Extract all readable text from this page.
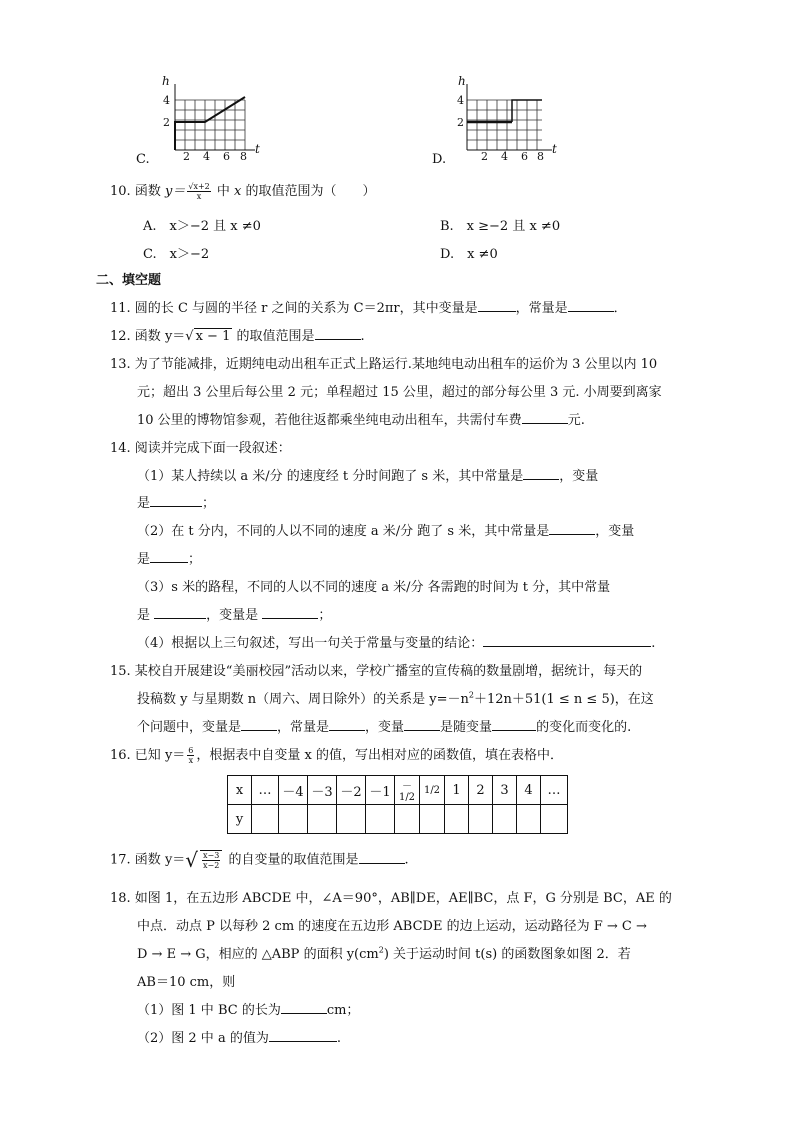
h
4
2
2 4 6 8
t
C.
h
4
2
2 4 6 8
t
D.
10. 函数 $y= \frac{√x+2}{x}$ 中 x 的取值范围为（　　）
A.　x＞−2 且 x ≠0	B.　x ≥−2 且 x ≠0
C.　x＞−2	D.　x ≠0
二、填空题
11. 圆的长 C 与圆的半径 r 之间的关系为 C＝2πr，其中变量是	，常量是	．
12. 函数 y＝√ x − 1 的取值范围是	.
13. 为了节能减排，近期纯电动出租车正式上路运行.某地纯电动出租车的运价为 3 公里以内 10
元；超出 3 公里后每公里 2 元；单程超过 15 公里，超过的部分每公里 3 元. 小周要到离家
10 公里的博物馆参观，若他往返都乘坐纯电动出租车，共需付车费	元.
14. 阅读并完成下面一段叙述：
（1）某人持续以 a 米/分 的速度经 t 分时间跑了 s 米，其中常量是	，变量
是	；
（2）在 t 分内，不同的人以不同的速度 a 米/分 跑了 s 米，其中常量是	，变量
是	；
（3）s 米的路程，不同的人以不同的速度 a 米/分 各需跑的时间为 t 分，其中常量
是	，变量是	；
（4）根据以上三句叙述，写出一句关于常量与变量的结论：	.
15. 某校自开展建设“美丽校园”活动以来，学校广播室的宣传稿的数量剧增，据统计，每天的
投稿数 y 与星期数 n（周六、周日除外）的关系是 $y=-n^2+12n+51(1 \le n \le 5)$，在这
个问题中，变量是	，常量是	，变量	是随变量	的变化而变化的.
16. 已知 $y= \frac{6}{x}$ ，根据表中自变量 x 的值，写出相对应的函数值，填在表格中．
x	…	－4	－3	－2	－1	－1/2	1/2	1	2	3	4	…
y												
17. 函数 $y=√ \frac{x-3}{x-2}$ 的自变量的取值范围是	.
18. 如图 1，在五边形 ABCDE 中，∠A＝90°，AB∥DE，AE∥BC，点 F，G 分别是 BC，AE 的
中点．动点 P 以每秒 2 cm 的速度在五边形 ABCDE 的边上运动，运动路径为 F → C →
D → E → G，相应的 △ABP 的面积 $y(cm^2)$ 关于运动时间 t(s) 的函数图象如图 2．若
AB＝10 cm，则
（1）图 1 中 BC 的长为	cm；
（2）图 2 中 a 的值为	.
